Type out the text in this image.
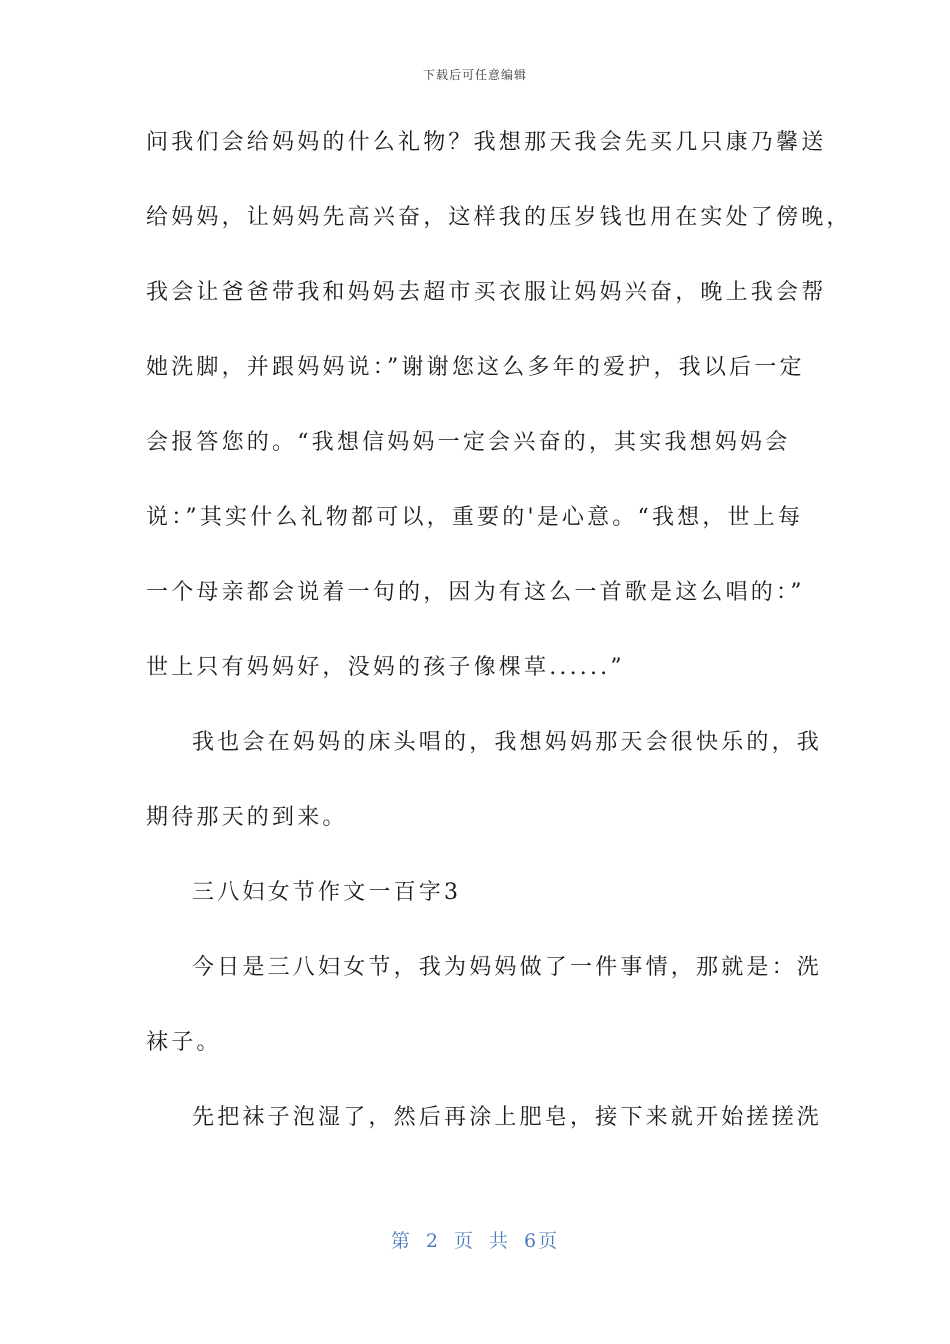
下载后可任意编辑
问我们会给妈妈的什么礼物？我想那天我会先买几只康乃馨送
给妈妈，让妈妈先高兴奋，这样我的压岁钱也用在实处了傍晚，
我会让爸爸带我和妈妈去超市买衣服让妈妈兴奋，晚上我会帮
她洗脚，并跟妈妈说：”谢谢您这么多年的爱护，我以后一定
会报答您的。“我想信妈妈一定会兴奋的，其实我想妈妈会
说：”其实什么礼物都可以，重要的'是心意。“我想，世上每
一个母亲都会说着一句的，因为有这么一首歌是这么唱的：”
世上只有妈妈好，没妈的孩子像棵草......”
我也会在妈妈的床头唱的，我想妈妈那天会很快乐的，我
期待那天的到来。
三八妇女节作文一百字3
今日是三八妇女节，我为妈妈做了一件事情，那就是：洗
袜子。
先把袜子泡湿了，然后再涂上肥皂，接下来就开始搓搓洗
第 2 页 共 6页
